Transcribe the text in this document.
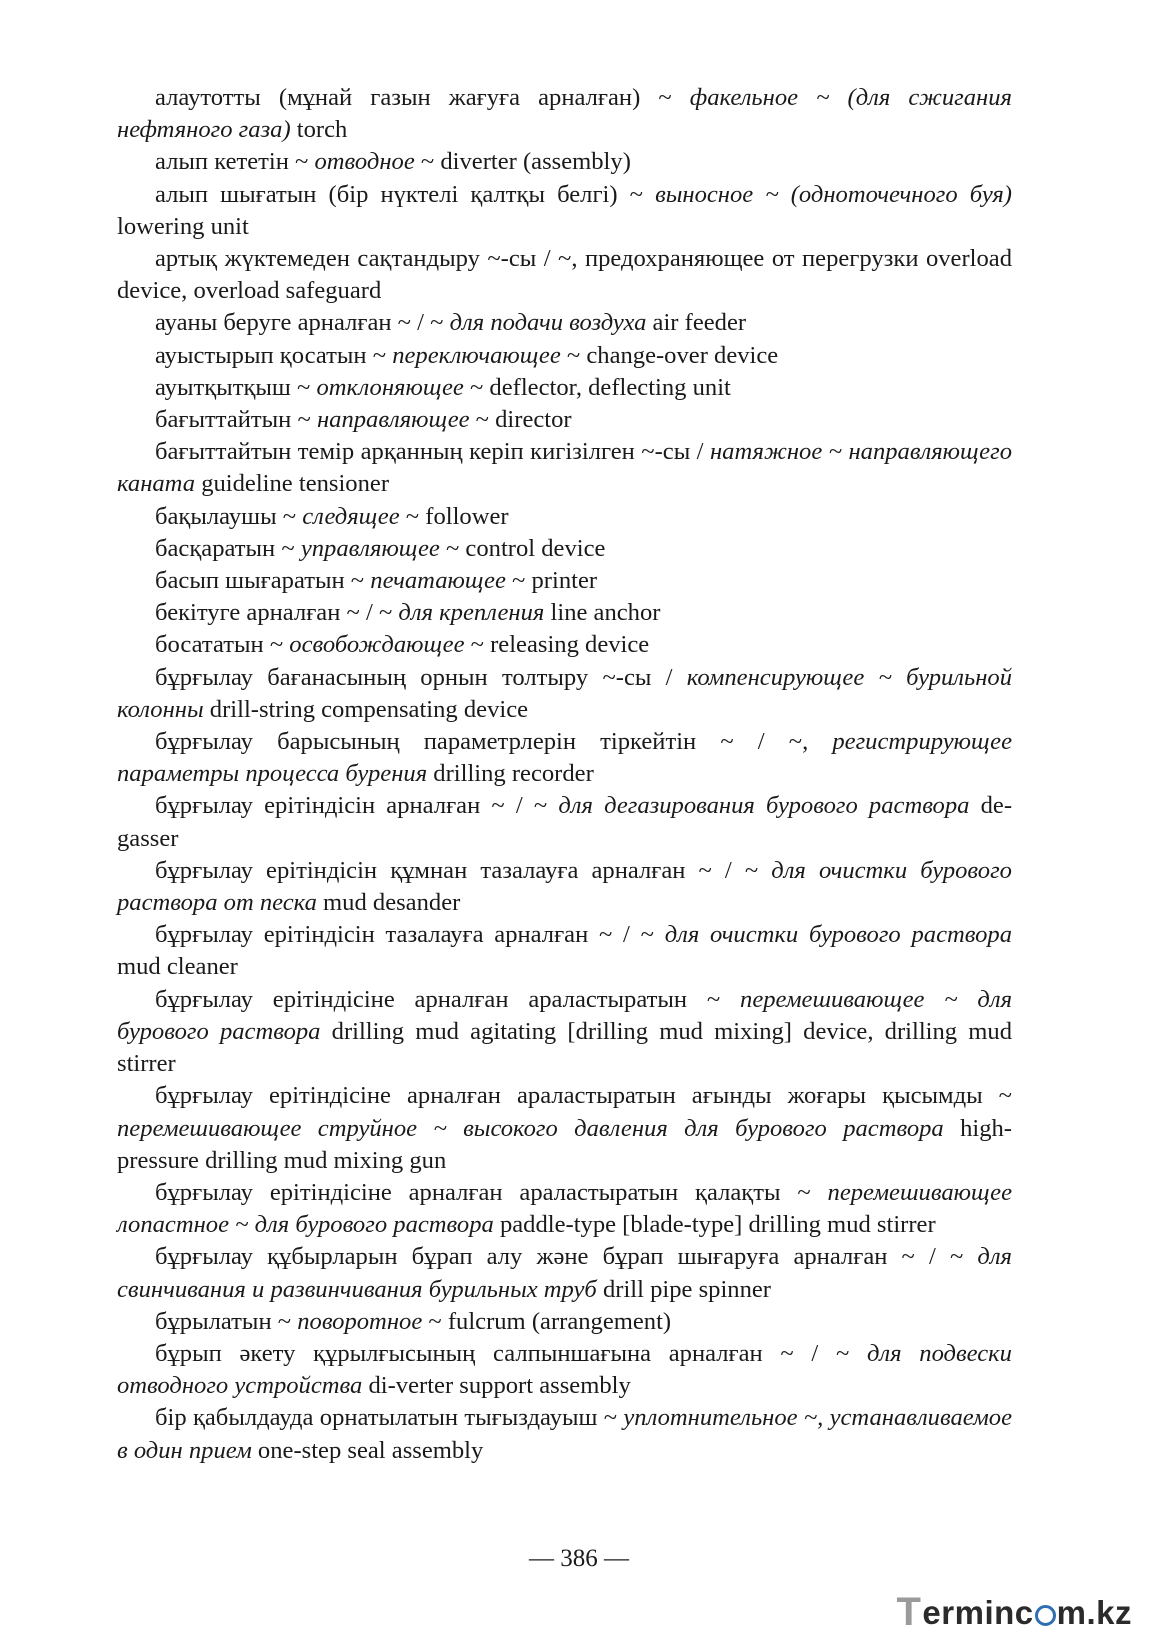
алаутотты (мұнай газын жағуға арналған) ~ факельное ~ (для сжигания нефтяного газа) torch

алып кететін ~ отводное ~ diverter (assembly)

алып шығатын (бір нүктелі қалтқы белгі) ~ выносное ~ (одноточечного буя) lowering unit

артық жүктемеден сақтандыру ~-сы / ~, предохраняющее от перегрузки overload device, overload safeguard

ауаны беруге арналған ~ / ~ для подачи воздуха air feeder

ауыстырып қосатын ~ переключающее ~ change-over device

ауытқытқыш ~ отклоняющее ~ deflector, deflecting unit

бағыттайтын ~ направляющее ~ director

бағыттайтын темір арқанның керіп кигізілген ~-сы / натяжное ~ направляющего каната guideline tensioner

бақылаушы ~ следящее ~ follower

басқаратын ~ управляющее ~ control device

басып шығаратын ~ печатающее ~ printer

бекітуге арналған ~ / ~ для крепления line anchor

босататын ~ освобождающее ~ releasing device

бұрғылау бағанасының орнын толтыру ~-сы / компенсирующее ~ бурильной колонны drill-string compensating device

бұрғылау барысының параметрлерін тіркейтін ~ / ~, регистрирующее параметры процесса бурения drilling recorder

бұрғылау ерітіндісін арналған ~ / ~ для дегазирования бурового раствора de-gasser

бұрғылау ерітіндісін құмнан тазалауға арналған ~ / ~ для очистки бурового раствора от песка mud desander

бұрғылау ерітіндісін тазалауға арналған ~ / ~ для очистки бурового раствора mud cleaner

бұрғылау ерітіндісіне арналған араластыратын ~ перемешивающее ~ для бурового раствора drilling mud agitating [drilling mud mixing] device, drilling mud stirrer

бұрғылау ерітіндісіне арналған араластыратын ағынды жоғары қысымды ~ перемешивающее струйное ~ высокого давления для бурового раствора high-pressure drilling mud mixing gun

бұрғылау ерітіндісіне арналған араластыратын қалақты ~ перемешивающее лопастное ~ для бурового раствора paddle-type [blade-type] drilling mud stirrer

бұрғылау құбырларын бұрап алу және бұрап шығаруға арналған ~ / ~ для свинчивания и развинчивания бурильных труб drill pipe spinner

бұрылатын ~ поворотное ~ fulcrum (arrangement)

бұрып әкету құрылғысының салпыншағына арналған ~ / ~ для подвески отводного устройства di-verter support assembly

бір қабылдауда орнатылатын тығыздауыш ~ уплотнительное ~, устанавливаемое в один прием one-step seal assembly

— 386 —
T erminc m.kz
